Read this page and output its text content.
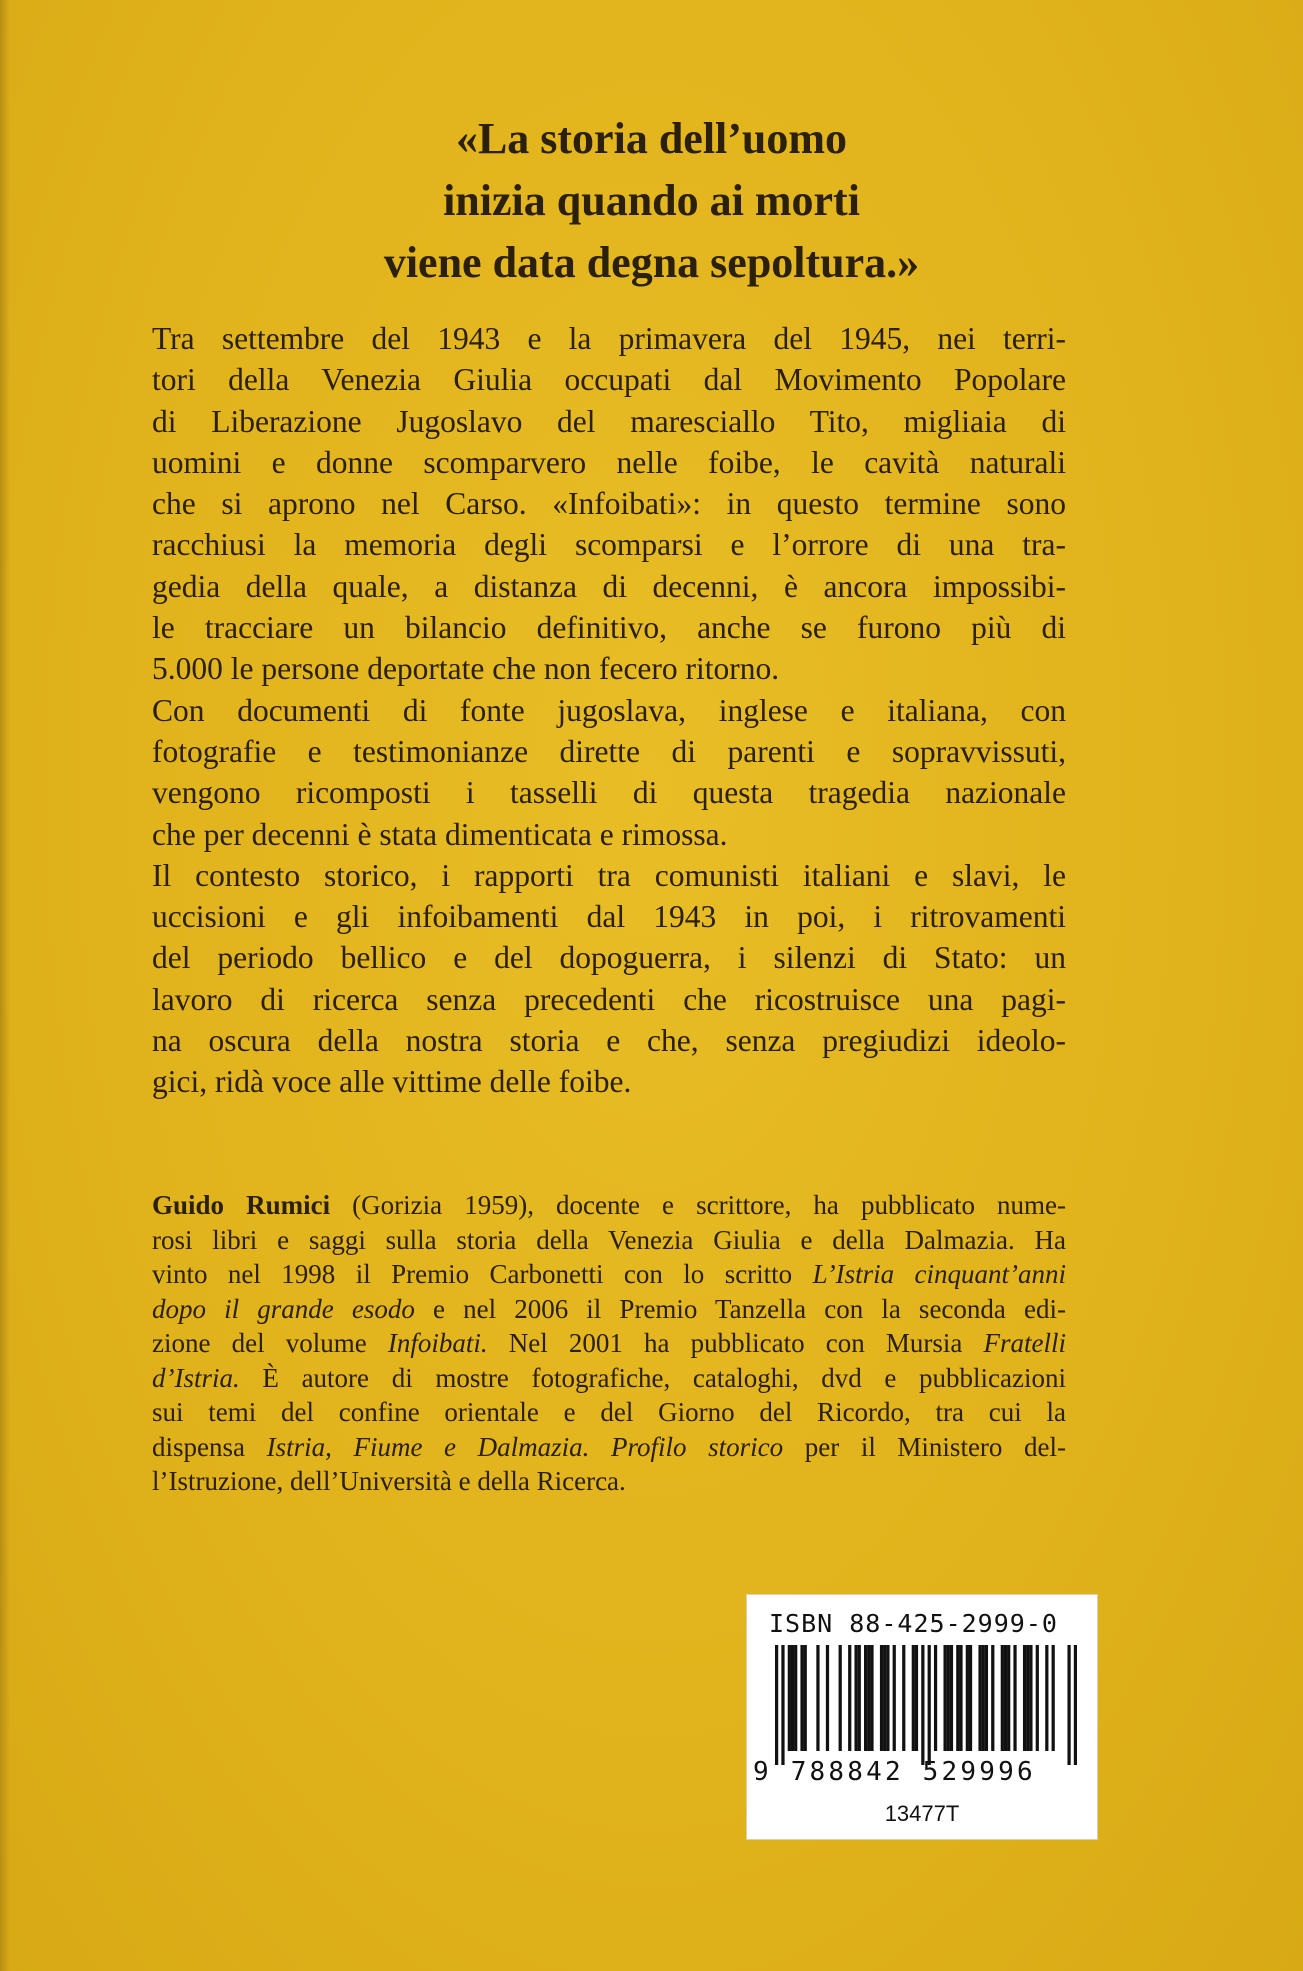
«La storia dell’uomo
inizia quando ai morti
viene data degna sepoltura.»

Tra settembre del 1943 e la primavera del 1945, nei terri-
tori della Venezia Giulia occupati dal Movimento Popolare
di Liberazione Jugoslavo del maresciallo Tito, migliaia di
uomini e donne scomparvero nelle foibe, le cavità naturali
che si aprono nel Carso. «Infoibati»: in questo termine sono
racchiusi la memoria degli scomparsi e l’orrore di una tra-
gedia della quale, a distanza di decenni, è ancora impossibi-
le tracciare un bilancio definitivo, anche se furono più di
5.000 le persone deportate che non fecero ritorno.

Con documenti di fonte jugoslava, inglese e italiana, con
fotografie e testimonianze dirette di parenti e sopravvissuti,
vengono ricomposti i tasselli di questa tragedia nazionale
che per decenni è stata dimenticata e rimossa.

Il contesto storico, i rapporti tra comunisti italiani e slavi, le
uccisioni e gli infoibamenti dal 1943 in poi, i ritrovamenti
del periodo bellico e del dopoguerra, i silenzi di Stato: un
lavoro di ricerca senza precedenti che ricostruisce una pagi-
na oscura della nostra storia e che, senza pregiudizi ideolo-
gici, ridà voce alle vittime delle foibe.

Guido Rumici (Gorizia 1959), docente e scrittore, ha pubblicato nume-
rosi libri e saggi sulla storia della Venezia Giulia e della Dalmazia. Ha
vinto nel 1998 il Premio Carbonetti con lo scritto L’Istria cinquant’anni
dopo il grande esodo e nel 2006 il Premio Tanzella con la seconda edi-
zione del volume Infoibati. Nel 2001 ha pubblicato con Mursia Fratelli
d’Istria. È autore di mostre fotografiche, cataloghi, dvd e pubblicazioni
sui temi del confine orientale e del Giorno del Ricordo, tra cui la
dispensa Istria, Fiume e Dalmazia. Profilo storico per il Ministero del-
l’Istruzione, dell’Università e della Ricerca.
ISBN 88-425-2999-0
9 788842 529996
13477T
